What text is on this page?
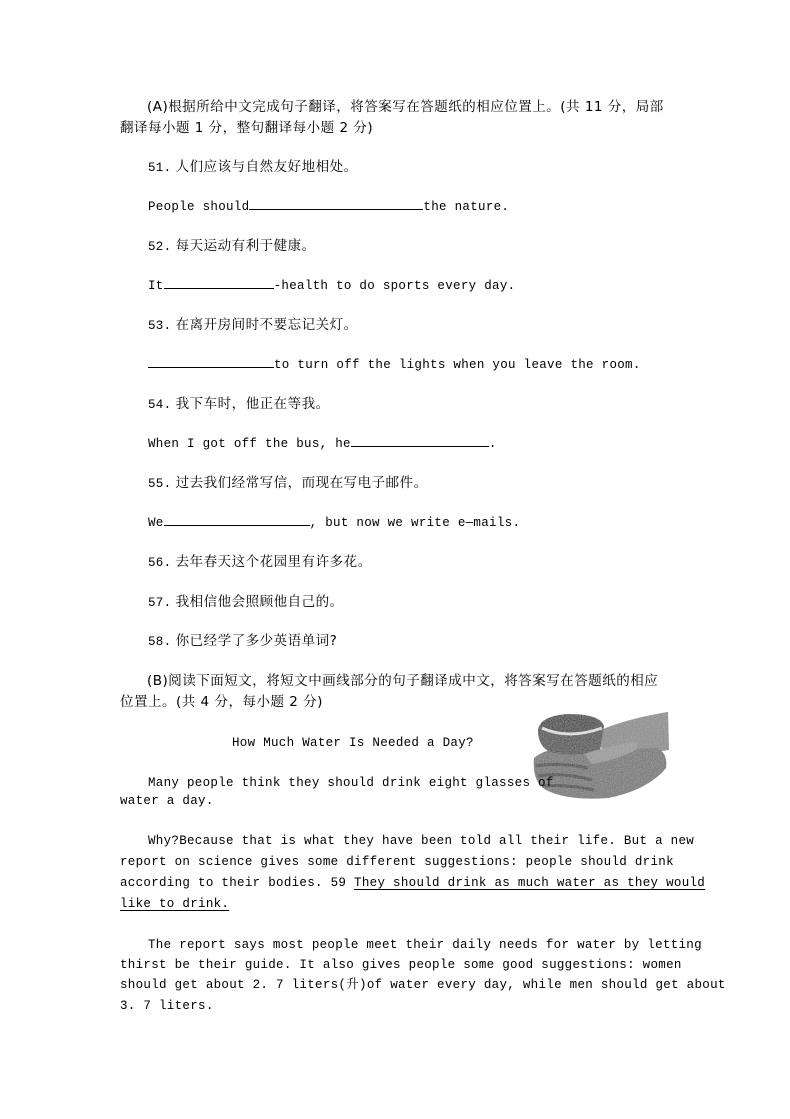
(A)根据所给中文完成句子翻译，将答案写在答题纸的相应位置上。(共 11 分，局部
翻译每小题 1 分，整句翻译每小题 2 分)
51. 人们应该与自然友好地相处。
People should	the nature.
52. 每天运动有利于健康。
It	-health to do sports every day.
53. 在离开房间时不要忘记关灯。
to turn off the lights when you leave the room.
54. 我下车时，他正在等我。
When I got off the bus, he	.
55. 过去我们经常写信，而现在写电子邮件。
We	, but now we write e—mails.
56. 去年春天这个花园里有许多花。
57. 我相信他会照顾他自己的。
58. 你已经学了多少英语单词?
(B)阅读下面短文，将短文中画线部分的句子翻译成中文，将答案写在答题纸的相应
位置上。(共 4 分，每小题 2 分)
How Much Water Is Needed a Day?
Many people think they should drink eight glasses of
water a day.
Why?Because that is what they have been told all their life. But a new
report on science gives some different suggestions: people should drink
according to their bodies. 59 They should drink as much water as they would
like to drink.
The report says most people meet their daily needs for water by letting
thirst be their guide. It also gives people some good suggestions: women
should get about 2. 7 liters(升)of water every day, while men should get about
3. 7 liters.
